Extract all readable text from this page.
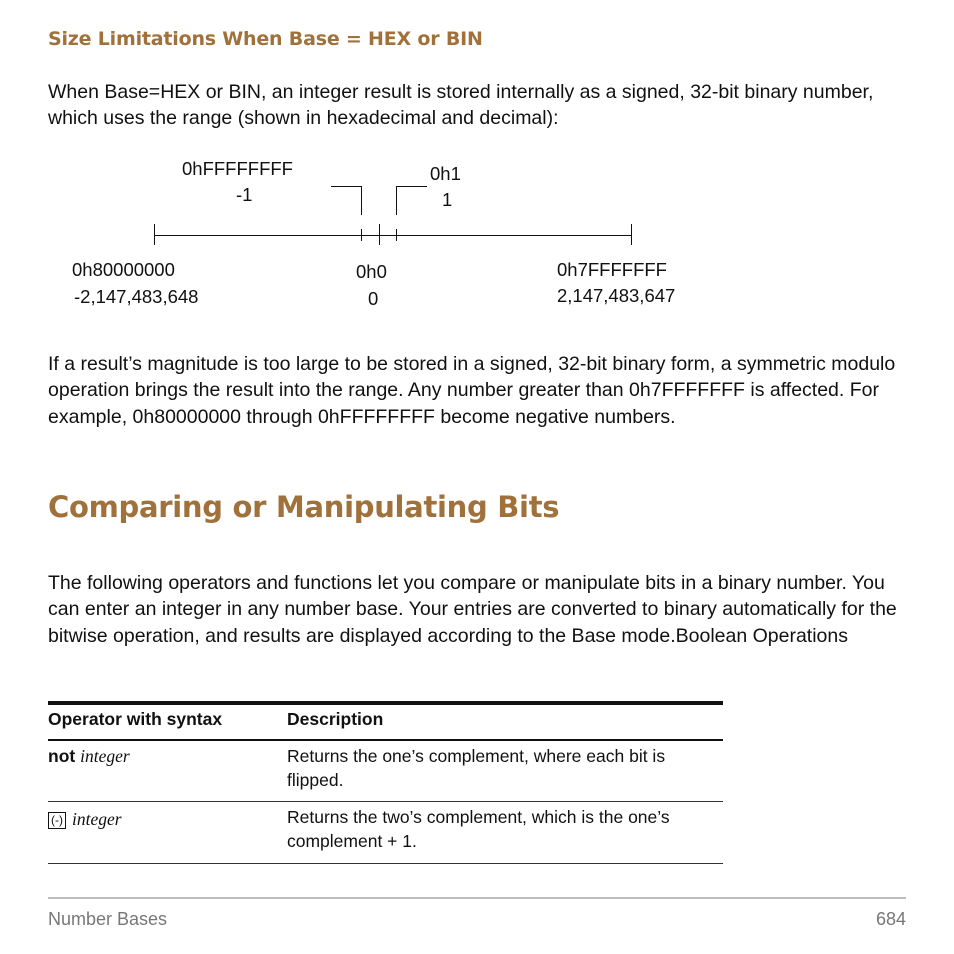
Size Limitations When Base = HEX or BIN

When Base=HEX or BIN, an integer result is stored internally as a signed, 32-bit binary number, which uses the range (shown in hexadecimal and decimal):

0hFFFFFFFF
-1
0h1
1
0h80000000
-2,147,483,648
0h0
0
0h7FFFFFFF
2,147,483,647

If a result’s magnitude is too large to be stored in a signed, 32-bit binary form, a symmetric modulo operation brings the result into the range. Any number greater than 0h7FFFFFFF is affected. For example, 0h80000000 through 0hFFFFFFFF become negative numbers.

Comparing or Manipulating Bits

The following operators and functions let you compare or manipulate bits in a binary number. You can enter an integer in any number base. Your entries are converted to binary automatically for the bitwise operation, and results are displayed according to the Base mode.Boolean Operations

Operator with syntax	Description
not integer	Returns the one’s complement, where each bit is flipped.
(-) integer	Returns the two’s complement, which is the one’s complement + 1.
Number Bases	684
